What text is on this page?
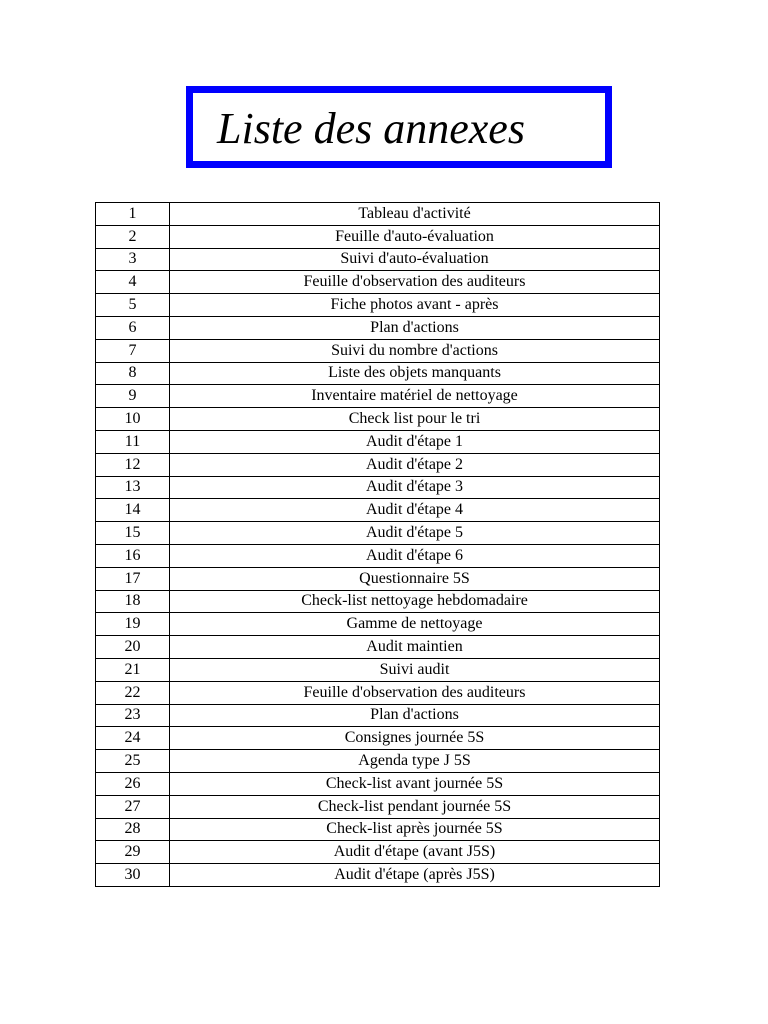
Liste des annexes
1	Tableau d'activité
2	Feuille d'auto-évaluation
3	Suivi d'auto-évaluation
4	Feuille d'observation des auditeurs
5	Fiche photos avant - après
6	Plan d'actions
7	Suivi du nombre d'actions
8	Liste des objets manquants
9	Inventaire matériel de nettoyage
10	Check list pour le tri
11	Audit d'étape 1
12	Audit d'étape 2
13	Audit d'étape 3
14	Audit d'étape 4
15	Audit d'étape 5
16	Audit d'étape 6
17	Questionnaire 5S
18	Check-list nettoyage hebdomadaire
19	Gamme de nettoyage
20	Audit maintien
21	Suivi audit
22	Feuille d'observation des auditeurs
23	Plan d'actions
24	Consignes journée 5S
25	Agenda type J 5S
26	Check-list avant journée 5S
27	Check-list pendant journée 5S
28	Check-list après journée 5S
29	Audit d'étape (avant J5S)
30	Audit d'étape (après J5S)
